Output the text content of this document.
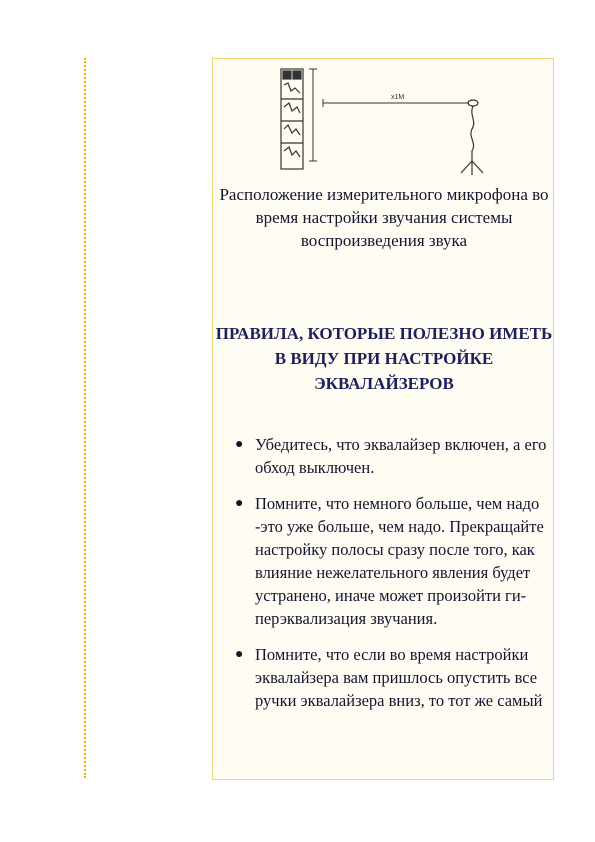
x1M
Расположение измерительного микрофона во время настройки звучания системы воспроизведения звука
ПРАВИЛА, КОТОРЫЕ ПОЛЕЗНО ИМЕТЬ В ВИДУ ПРИ НАСТРОЙКЕ ЭКВАЛАЙЗЕРОВ
● Убедитесь, что эквалайзер включен, а его обход выключен.
● Помните, что немного больше, чем надо -это уже больше, чем надо. Прекращайте настройку полосы сразу после того, как влияние нежелательного явления будет устранено, иначе может произойти ги-перэквализация звучания.
● Помните, что если во время настройки эквалайзера вам пришлось опустить все ручки эквалайзера вниз, то тот же самый
